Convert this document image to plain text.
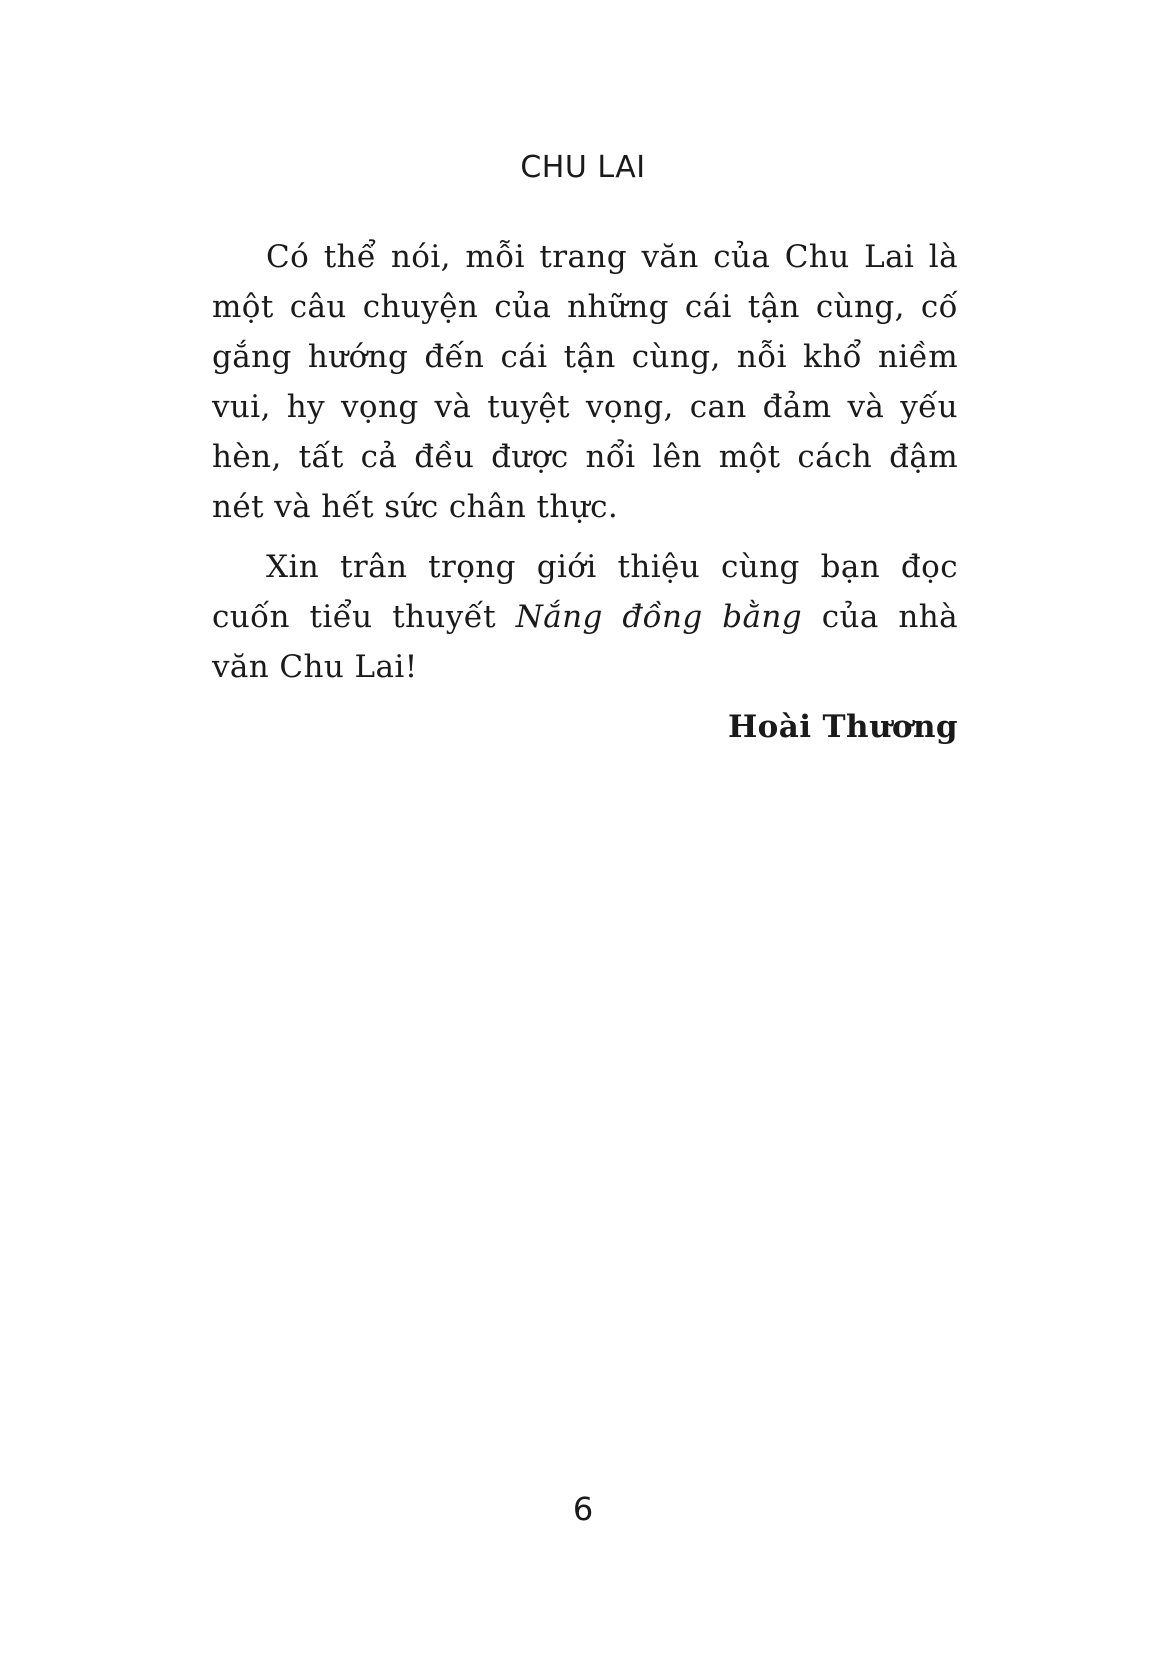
CHU LAI

Có thể nói, mỗi trang văn của Chu Lai là một câu chuyện của những cái tận cùng, cố gắng hướng đến cái tận cùng, nỗi khổ niềm vui, hy vọng và tuyệt vọng, can đảm và yếu hèn, tất cả đều được nổi lên một cách đậm nét và hết sức chân thực.

Xin trân trọng giới thiệu cùng bạn đọc cuốn tiểu thuyết Nắng đồng bằng của nhà văn Chu Lai!

Hoài Thương

6
